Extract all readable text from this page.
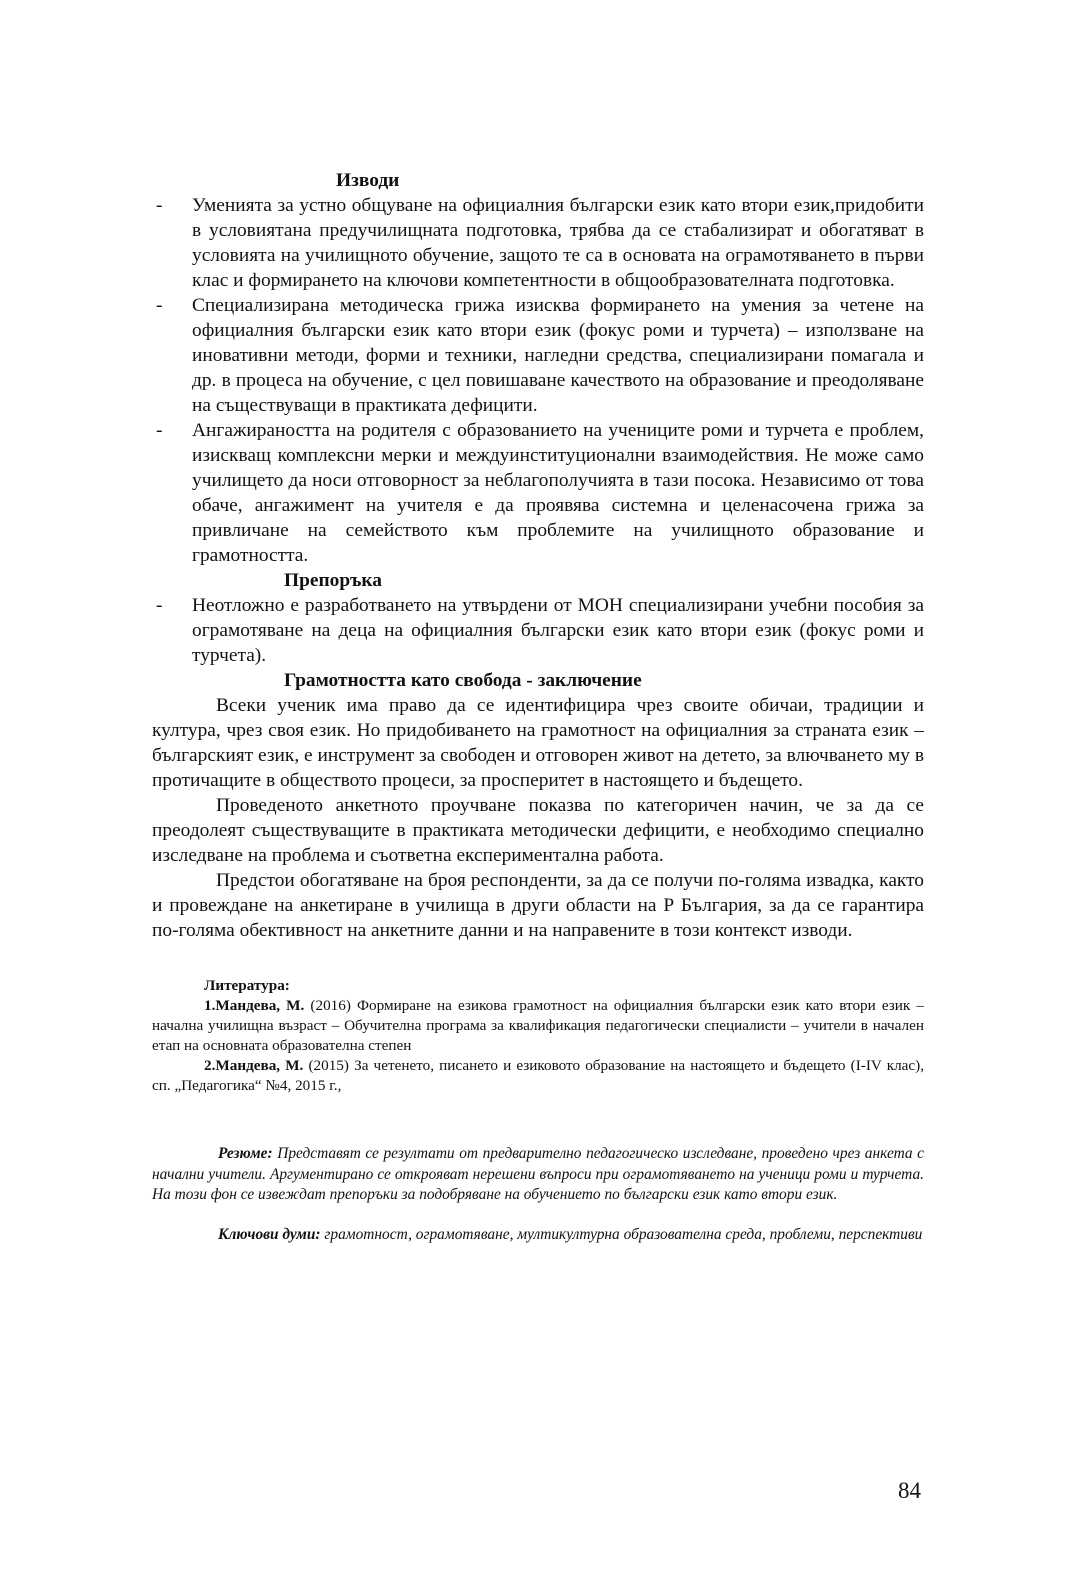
Изводи

-	Уменията за устно общуване на официалния български език като втори език,придобити в условиятана предучилищната подготовка, трябва да се стабализират и обогатяват в условията на училищното обучение, защото те са в основата на ограмотяването в първи клас и формирането на ключови компетентности в общообразователната подготовка.
-	Специализирана методическа грижа изисква формирането на умения за четене на официалния български език като втори език (фокус роми и турчета) – използване на иновативни методи, форми и техники, нагледни средства, специализирани помагала и др. в процеса на обучение, с цел повишаване качеството на образование и преодоляване на съществуващи в практиката дефицити.
-	Ангажираността на родителя с образованието на учениците роми и турчета е проблем, изискващ комплексни мерки и междуинституционални взаимодействия. Не може само училището да носи отговорност за неблагополучията в тази посока. Независимо от това обаче, ангажимент на учителя е да проявява системна и целенасочена грижа за привличане на семейството към проблемите на училищното образование и грамотността.

Препоръка

-	Неотложно е разработването на утвърдени от МОН специализирани учебни пособия за ограмотяване на деца на официалния български език като втори език (фокус роми и турчета).

Грамотността като свобода - заключение

Всеки ученик има право да се идентифицира чрез своите обичаи, традиции и култура, чрез своя език. Но придобиването на грамотност на официалния за страната език –българският език, е инструмент за свободен и отговорен живот на детето, за влючването му в протичащите в обществото процеси, за просперитет в настоящето и бъдещето.

Проведеното анкетното проучване показва по категоричен начин, че за да се преодолеят съществуващите в практиката методически дефицити, е необходимо специално изследване на проблема и съответна експериментална работа.

Предстои обогатяване на броя респонденти, за да се получи по-голяма извадка, както и провеждане на анкетиране в училища в други области на Р България, за да се гарантира по-голяма обективност на анкетните данни и на направените в този контекст изводи.

Литература:

1.Мандева, М. (2016) Формиране на езикова грамотност на официалния български език като втори език – начална училищна възраст – Обучителна програма за квалификация педагогически специалисти – учители в начален етап на основната образователна степен

2.Мандева, М. (2015) За четенето, писането и езиковото образование на настоящето и бъдещето (I-IV клас), сп. „Педагогика“ №4, 2015 г.,

Резюме: Представят се резултати от предварително педагогическо изследване, проведено чрез анкета с начални учители. Аргументирано се открояват нерешени въпроси при ограмотяването на ученици роми и турчета. На този фон се извеждат препоръки за подобряване на обучението по български език като втори език.

Ключови думи: грамотност, ограмотяване, мултикултурна образователна среда, проблеми, перспективи

84
